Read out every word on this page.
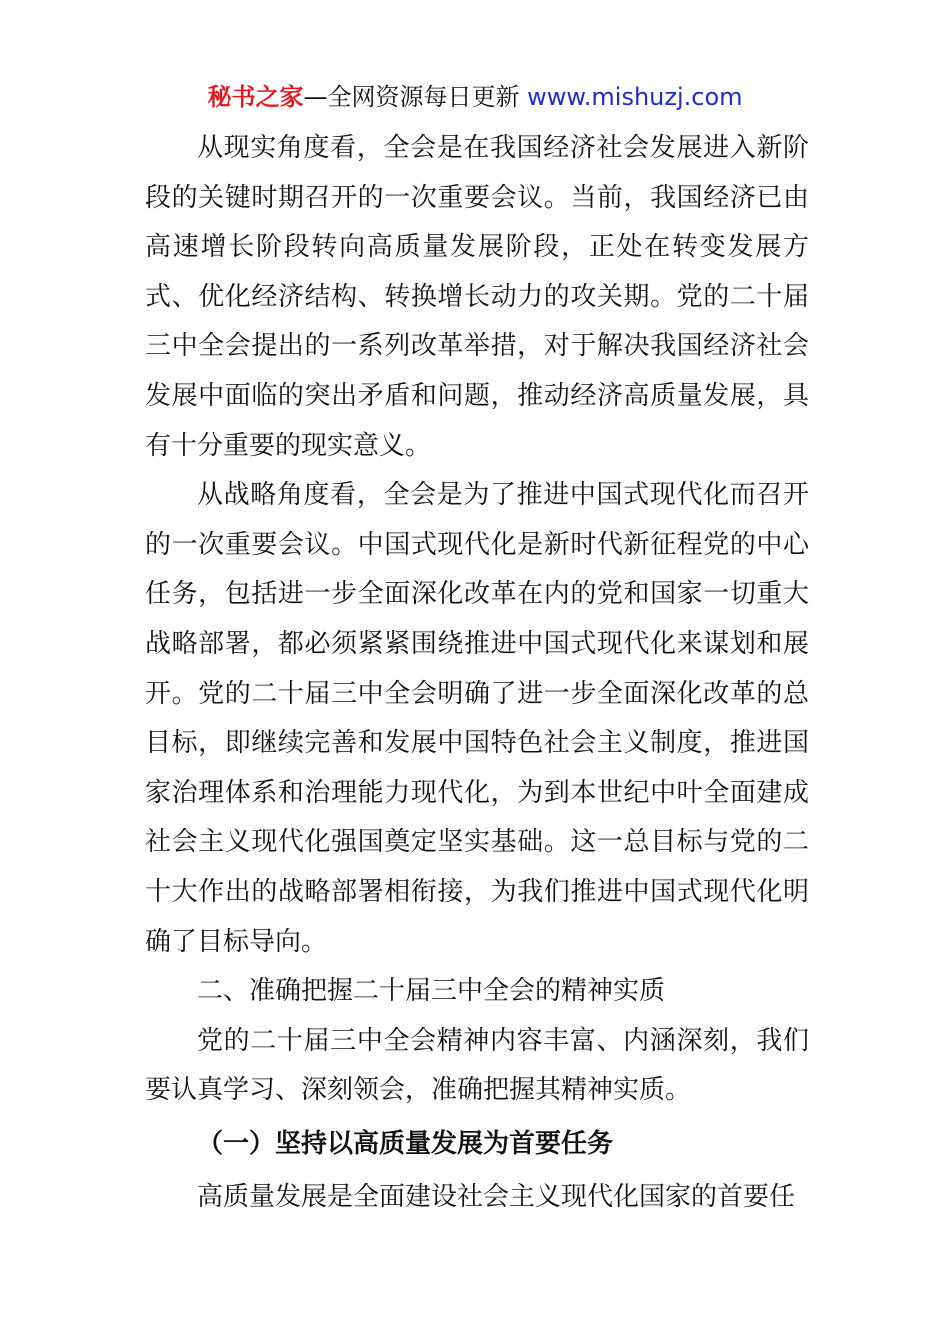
秘书之家—全网资源每日更新 www.mishuzj.com

从现实角度看，全会是在我国经济社会发展进入新阶段的关键时期召开的一次重要会议。当前，我国经济已由高速增长阶段转向高质量发展阶段，正处在转变发展方式、优化经济结构、转换增长动力的攻关期。党的二十届三中全会提出的一系列改革举措，对于解决我国经济社会发展中面临的突出矛盾和问题，推动经济高质量发展，具有十分重要的现实意义。

从战略角度看，全会是为了推进中国式现代化而召开的一次重要会议。中国式现代化是新时代新征程党的中心任务，包括进一步全面深化改革在内的党和国家一切重大战略部署，都必须紧紧围绕推进中国式现代化来谋划和展开。党的二十届三中全会明确了进一步全面深化改革的总目标，即继续完善和发展中国特色社会主义制度，推进国家治理体系和治理能力现代化，为到本世纪中叶全面建成社会主义现代化强国奠定坚实基础。这一总目标与党的二十大作出的战略部署相衔接，为我们推进中国式现代化明确了目标导向。

二、准确把握二十届三中全会的精神实质

党的二十届三中全会精神内容丰富、内涵深刻，我们要认真学习、深刻领会，准确把握其精神实质。

（一）坚持以高质量发展为首要任务

高质量发展是全面建设社会主义现代化国家的首要任
